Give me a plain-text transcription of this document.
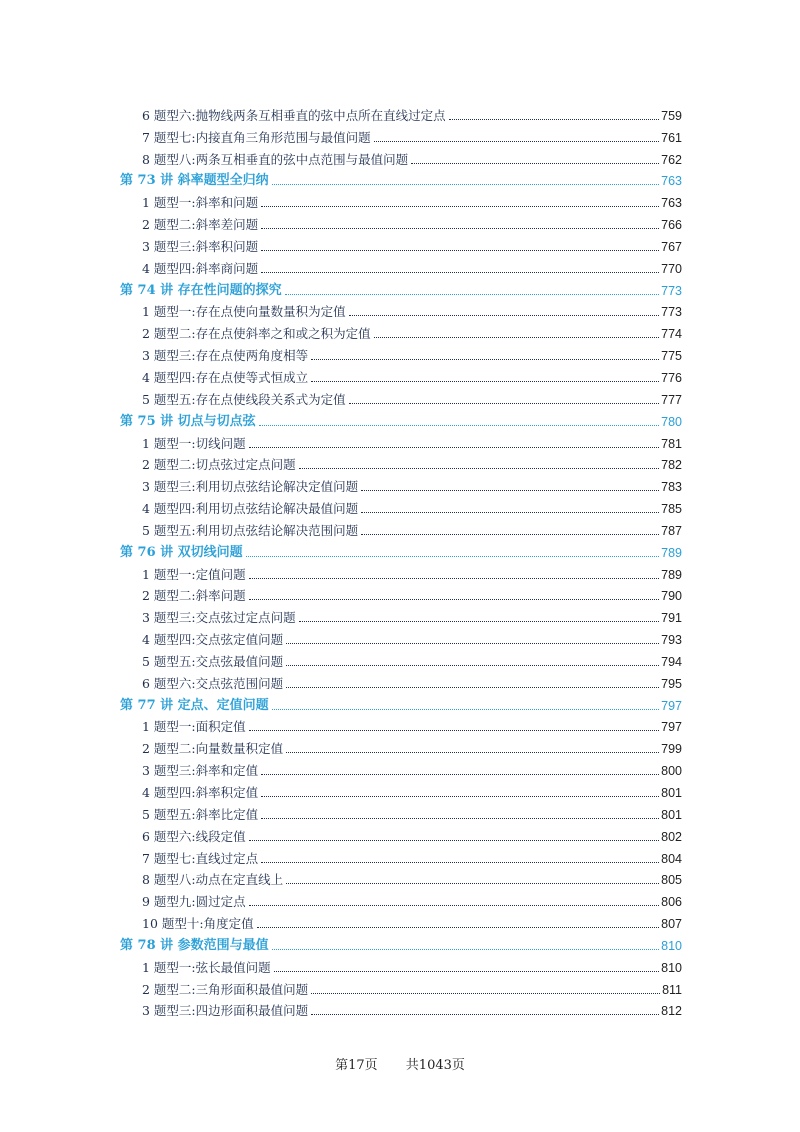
6 题型六:抛物线两条互相垂直的弦中点所在直线过定点	759
7 题型七:内接直角三角形范围与最值问题	761
8 题型八:两条互相垂直的弦中点范围与最值问题	762
第 73 讲 斜率题型全归纳	763
1 题型一:斜率和问题	763
2 题型二:斜率差问题	766
3 题型三:斜率积问题	767
4 题型四:斜率商问题	770
第 74 讲 存在性问题的探究	773
1 题型一:存在点使向量数量积为定值	773
2 题型二:存在点使斜率之和或之积为定值	774
3 题型三:存在点使两角度相等	775
4 题型四:存在点使等式恒成立	776
5 题型五:存在点使线段关系式为定值	777
第 75 讲 切点与切点弦	780
1 题型一:切线问题	781
2 题型二:切点弦过定点问题	782
3 题型三:利用切点弦结论解决定值问题	783
4 题型四:利用切点弦结论解决最值问题	785
5 题型五:利用切点弦结论解决范围问题	787
第 76 讲 双切线问题	789
1 题型一:定值问题	789
2 题型二:斜率问题	790
3 题型三:交点弦过定点问题	791
4 题型四:交点弦定值问题	793
5 题型五:交点弦最值问题	794
6 题型六:交点弦范围问题	795
第 77 讲 定点、定值问题	797
1 题型一:面积定值	797
2 题型二:向量数量积定值	799
3 题型三:斜率和定值	800
4 题型四:斜率积定值	801
5 题型五:斜率比定值	801
6 题型六:线段定值	802
7 题型七:直线过定点	804
8 题型八:动点在定直线上	805
9 题型九:圆过定点	806
10 题型十:角度定值	807
第 78 讲 参数范围与最值	810
1 题型一:弦长最值问题	810
2 题型二:三角形面积最值问题	811
3 题型三:四边形面积最值问题	812
第17页 共1043页
